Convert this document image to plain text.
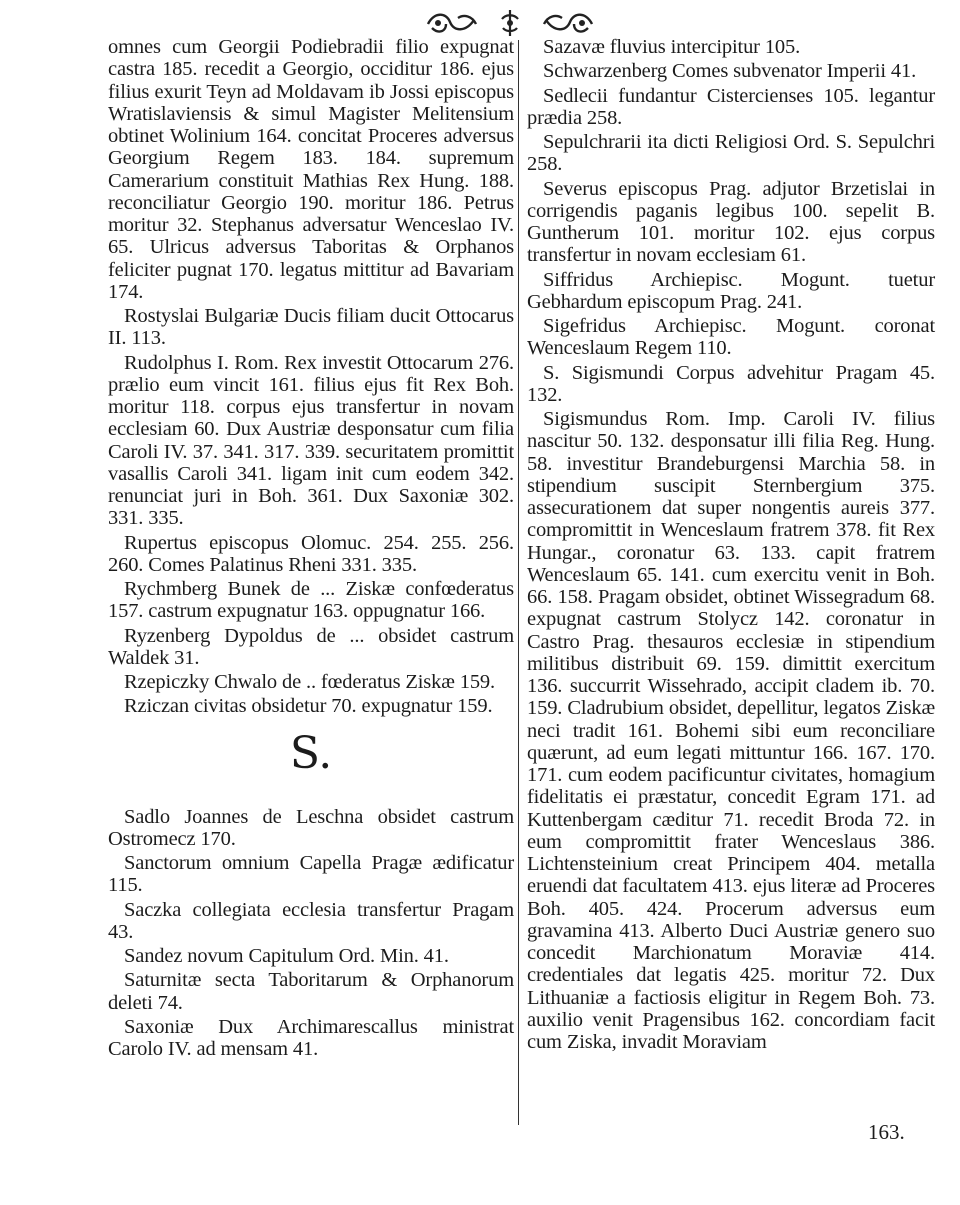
omnes cum Georgii Podiebradii filio expugnat castra 185. recedit a Georgio, occiditur 186. ejus filius exurit Teyn ad Moldavam ib Jossi episcopus Wratislaviensis & simul Magister Melitensium obtinet Wolinium 164. concitat Proceres adversus Georgium Regem 183. 184. supremum Camerarium constituit Mathias Rex Hung. 188. reconciliatur Georgio 190. moritur 186. Petrus moritur 32. Stephanus adversatur Wenceslao IV. 65. Ulricus adversus Taboritas & Orphanos feliciter pugnat 170. legatus mittitur ad Bavariam 174.

Rostyslai Bulgariæ Ducis filiam ducit Ottocarus II. 113.

Rudolphus I. Rom. Rex investit Ottocarum 276. prælio eum vincit 161. filius ejus fit Rex Boh. moritur 118. corpus ejus transfertur in novam ecclesiam 60. Dux Austriæ desponsatur cum filia Caroli IV. 37. 341. 317. 339. securitatem promittit vasallis Caroli 341. ligam init cum eodem 342. renunciat juri in Boh. 361. Dux Saxoniæ 302. 331. 335.

Rupertus episcopus Olomuc. 254. 255. 256. 260. Comes Palatinus Rheni 331. 335.

Rychmberg Bunek de ... Ziskæ confœderatus 157. castrum expugnatur 163. oppugnatur 166.

Ryzenberg Dypoldus de ... obsidet castrum Waldek 31.

Rzepiczky Chwalo de .. fœderatus Ziskæ 159.

Rziczan civitas obsidetur 70. expugnatur 159.

S.

Sadlo Joannes de Leschna obsidet castrum Ostromecz 170.

Sanctorum omnium Capella Pragæ ædificatur 115.

Saczka collegiata ecclesia transfertur Pragam 43.

Sandez novum Capitulum Ord. Min. 41.

Saturnitæ secta Taboritarum & Orphanorum deleti 74.

Saxoniæ Dux Archimarescallus ministrat Carolo IV. ad mensam 41.

Sazavæ fluvius intercipitur 105.

Schwarzenberg Comes subvenator Imperii 41.

Sedlecii fundantur Cistercienses 105. legantur prædia 258.

Sepulchrarii ita dicti Religiosi Ord. S. Sepulchri 258.

Severus episcopus Prag. adjutor Brzetislai in corrigendis paganis legibus 100. sepelit B. Guntherum 101. moritur 102. ejus corpus transfertur in novam ecclesiam 61.

Siffridus Archiepisc. Mogunt. tuetur Gebhardum episcopum Prag. 241.

Sigefridus Archiepisc. Mogunt. coronat Wenceslaum Regem 110.

S. Sigismundi Corpus advehitur Pragam 45. 132.

Sigismundus Rom. Imp. Caroli IV. filius nascitur 50. 132. desponsatur illi filia Reg. Hung. 58. investitur Brandeburgensi Marchia 58. in stipendium suscipit Sternbergium 375. assecurationem dat super nongentis aureis 377. compromittit in Wenceslaum fratrem 378. fit Rex Hungar., coronatur 63. 133. capit fratrem Wenceslaum 65. 141. cum exercitu venit in Boh. 66. 158. Pragam obsidet, obtinet Wissegradum 68. expugnat castrum Stolycz 142. coronatur in Castro Prag. thesauros ecclesiæ in stipendium militibus distribuit 69. 159. dimittit exercitum 136. succurrit Wissehrado, accipit cladem ib. 70. 159. Cladrubium obsidet, depellitur, legatos Ziskæ neci tradit 161. Bohemi sibi eum reconciliare quærunt, ad eum legati mittuntur 166. 167. 170. 171. cum eodem pacificuntur civitates, homagium fidelitatis ei præstatur, concedit Egram 171. ad Kuttenbergam cæditur 71. recedit Broda 72. in eum compromittit frater Wenceslaus 386. Lichtensteinium creat Principem 404. metalla eruendi dat facultatem 413. ejus literæ ad Proceres Boh. 405. 424. Procerum adversus eum gravamina 413. Alberto Duci Austriæ genero suo concedit Marchionatum Moraviæ 414. credentiales dat legatis 425. moritur 72. Dux Lithuaniæ a factiosis eligitur in Regem Boh. 73. auxilio venit Pragensibus 162. concordiam facit cum Ziska, invadit Moraviam

163.
